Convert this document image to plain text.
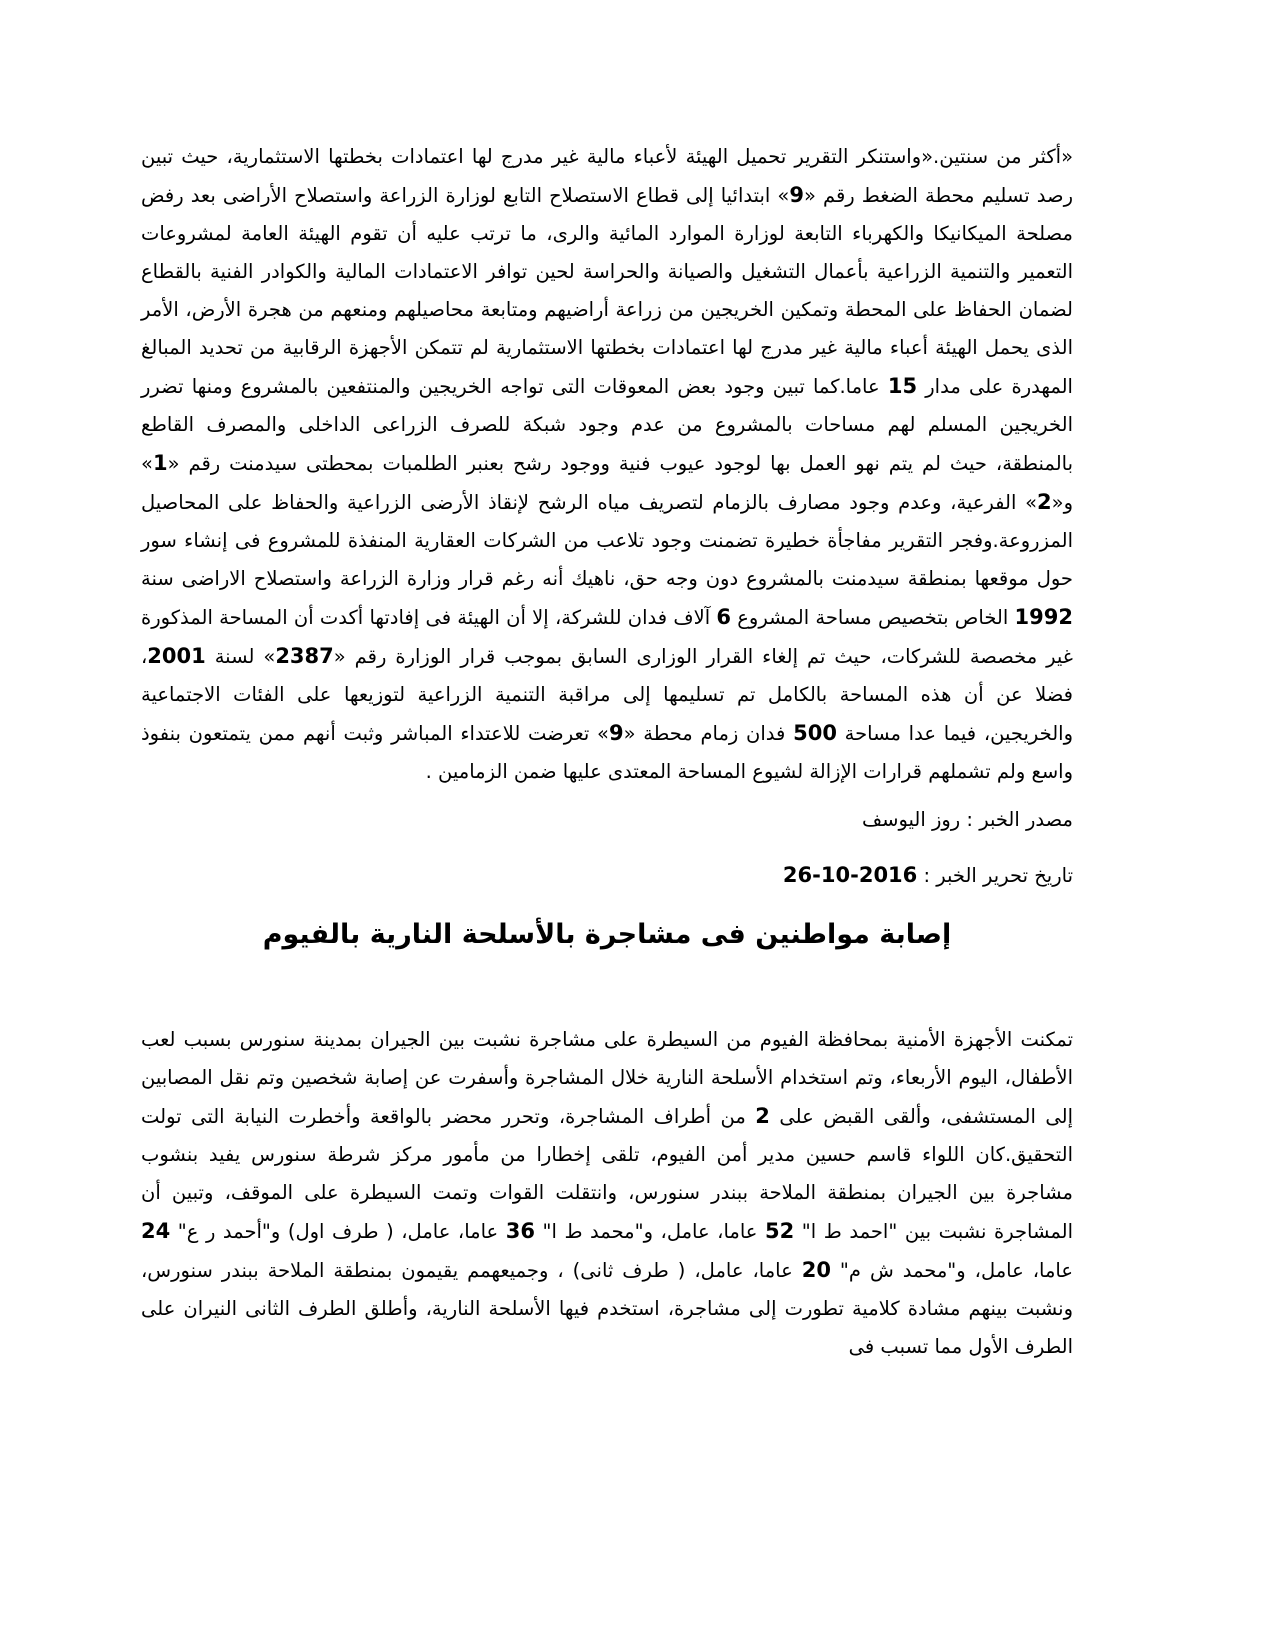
«أكثر من سنتين.«واستنكر التقرير تحميل الهيئة لأعباء مالية غير مدرج لها اعتمادات بخطتها الاستثمارية، حيث تبين رصد تسليم محطة الضغط رقم «9» ابتدائيا إلى قطاع الاستصلاح التابع لوزارة الزراعة واستصلاح الأراضى بعد رفض مصلحة الميكانيكا والكهرباء التابعة لوزارة الموارد المائية والرى، ما ترتب عليه أن تقوم الهيئة العامة لمشروعات التعمير والتنمية الزراعية بأعمال التشغيل والصيانة والحراسة لحين توافر الاعتمادات المالية والكوادر الفنية بالقطاع لضمان الحفاظ على المحطة وتمكين الخريجين من زراعة أراضيهم ومتابعة محاصيلهم ومنعهم من هجرة الأرض، الأمر الذى يحمل الهيئة أعباء مالية غير مدرج لها اعتمادات بخطتها الاستثمارية لم تتمكن الأجهزة الرقابية من تحديد المبالغ المهدرة على مدار 15 عاما.كما تبين وجود بعض المعوقات التى تواجه الخريجين والمنتفعين بالمشروع ومنها تضرر الخريجين المسلم لهم مساحات بالمشروع من عدم وجود شبكة للصرف الزراعى الداخلى والمصرف القاطع بالمنطقة، حيث لم يتم نهو العمل بها لوجود عيوب فنية ووجود رشح بعنبر الطلمبات بمحطتى سيدمنت رقم «1» و«2» الفرعية، وعدم وجود مصارف بالزمام لتصريف مياه الرشح لإنقاذ الأرضى الزراعية والحفاظ على المحاصيل المزروعة.وفجر التقرير مفاجأة خطيرة تضمنت وجود تلاعب من الشركات العقارية المنفذة للمشروع فى إنشاء سور حول موقعها بمنطقة سيدمنت بالمشروع دون وجه حق، ناهيك أنه رغم قرار وزارة الزراعة واستصلاح الاراضى سنة 1992 الخاص بتخصيص مساحة المشروع 6 آلاف فدان للشركة، إلا أن الهيئة فى إفادتها أكدت أن المساحة المذكورة غير مخصصة للشركات، حيث تم إلغاء القرار الوزارى السابق بموجب قرار الوزارة رقم «2387» لسنة 2001، فضلا عن أن هذه المساحة بالكامل تم تسليمها إلى مراقبة التنمية الزراعية لتوزيعها على الفئات الاجتماعية والخريجين، فيما عدا مساحة 500 فدان زمام محطة «9» تعرضت للاعتداء المباشر وثبت أنهم ممن يتمتعون بنفوذ واسع ولم تشملهم قرارات الإزالة لشيوع المساحة المعتدى عليها ضمن الزمامين .

مصدر الخبر : روز اليوسف

تاريخ تحرير الخبر : 2016-10-26

إصابة مواطنين فى مشاجرة بالأسلحة النارية بالفيوم

تمكنت الأجهزة الأمنية بمحافظة الفيوم من السيطرة على مشاجرة نشبت بين الجيران بمدينة سنورس بسبب لعب الأطفال، اليوم الأربعاء، وتم استخدام الأسلحة النارية خلال المشاجرة وأسفرت عن إصابة شخصين وتم نقل المصابين إلى المستشفى، وألقى القبض على 2 من أطراف المشاجرة، وتحرر محضر بالواقعة وأخطرت النيابة التى تولت التحقيق.كان اللواء قاسم حسين مدير أمن الفيوم، تلقى إخطارا من مأمور مركز شرطة سنورس يفيد بنشوب مشاجرة بين الجيران بمنطقة الملاحة ببندر سنورس، وانتقلت القوات وتمت السيطرة على الموقف، وتبين أن المشاجرة نشبت بين "احمد ط ا" 52 عاما، عامل، و"محمد ط ا" 36 عاما، عامل، ( طرف اول) و"أحمد ر ع" 24 عاما، عامل، و"محمد ش م" 20 عاما، عامل، ( طرف ثانى) ، وجميعهمم يقيمون بمنطقة الملاحة ببندر سنورس، ونشبت بينهم مشادة كلامية تطورت إلى مشاجرة، استخدم فيها الأسلحة النارية، وأطلق الطرف الثانى النيران على الطرف الأول مما تسبب فى
